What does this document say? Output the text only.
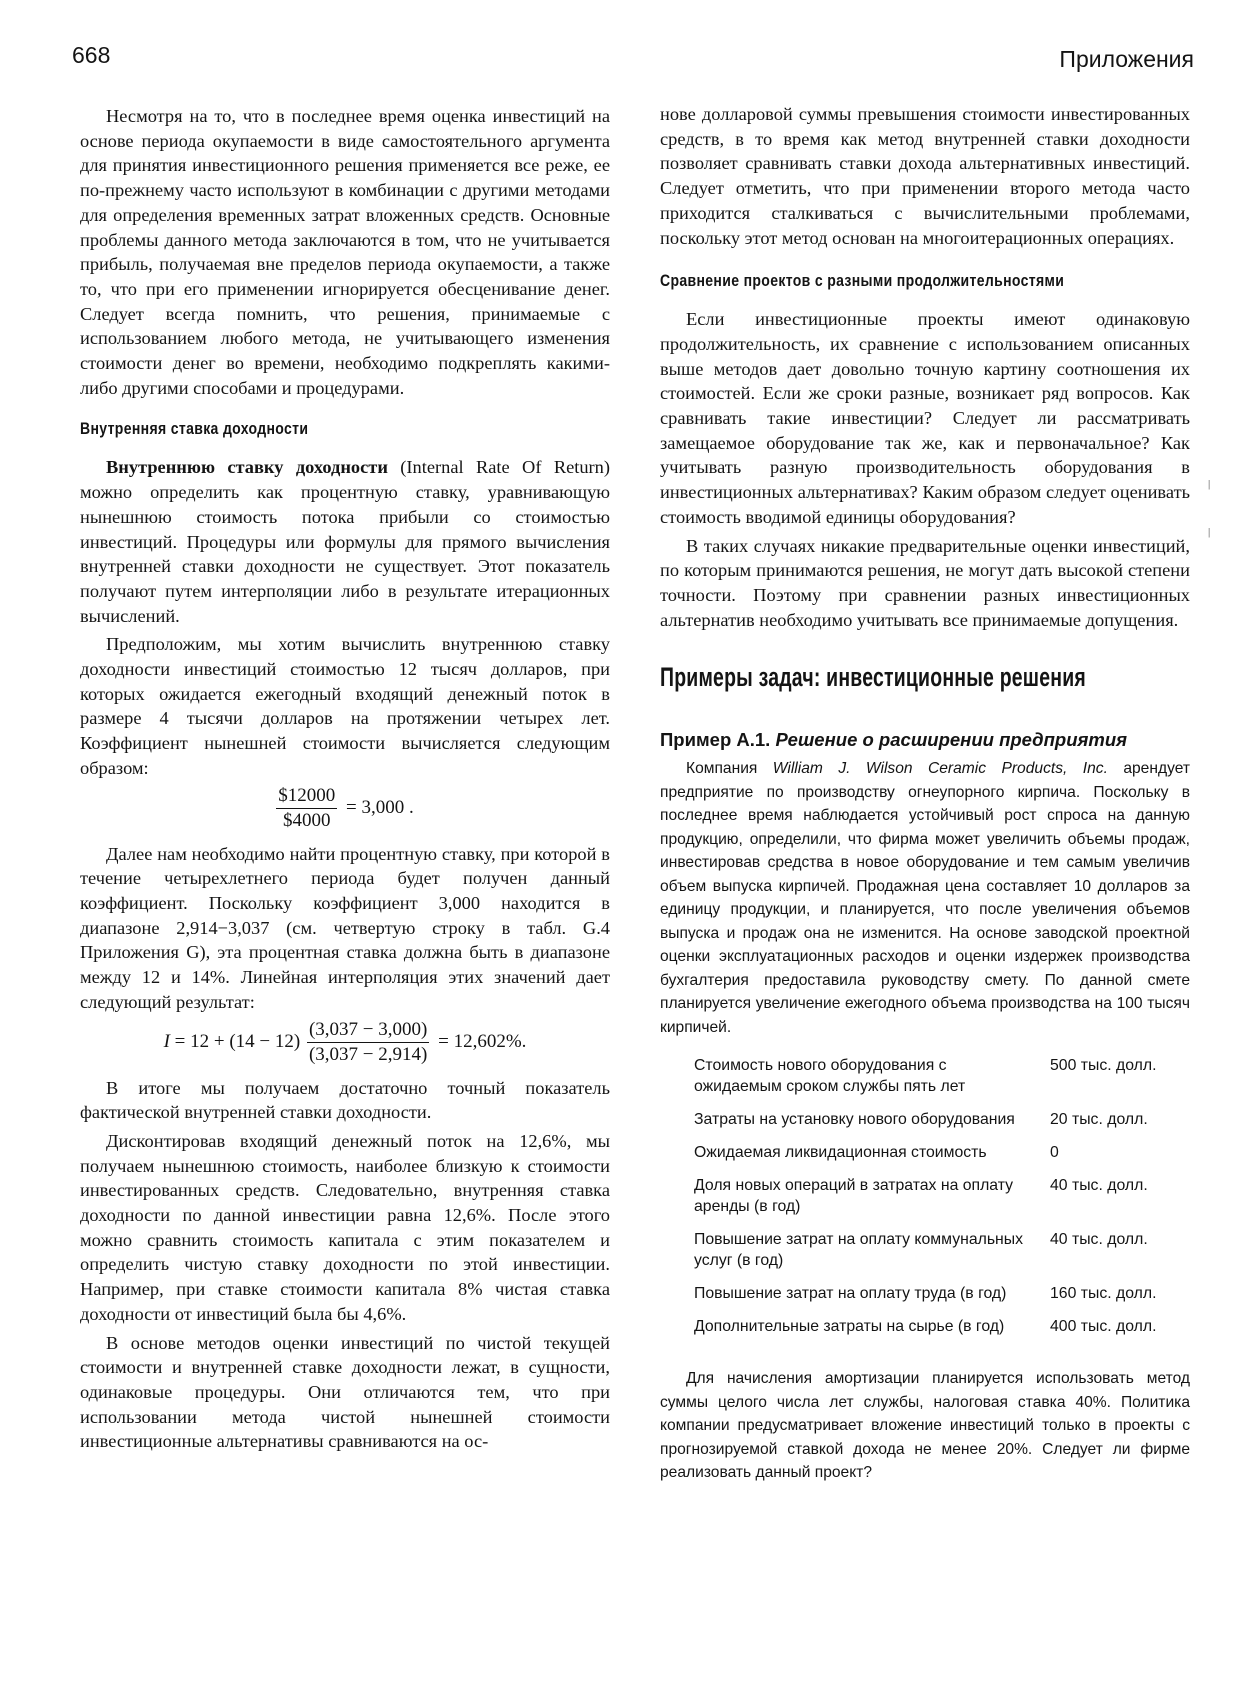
668	Приложения

Несмотря на то, что в последнее время оценка инвестиций на основе периода окупаемости в виде самостоятельного аргумента для принятия инвестиционного решения применяется все реже, ее по-прежнему часто используют в комбинации с другими методами для определения временных затрат вложенных средств. Основные проблемы данного метода заключаются в том, что не учитывается прибыль, получаемая вне пределов периода окупаемости, а также то, что при его применении игнорируется обесценивание денег. Следует всегда помнить, что решения, принимаемые с использованием любого метода, не учитывающего изменения стоимости денег во времени, необходимо подкреплять какими-либо другими способами и процедурами.

Внутренняя ставка доходности

Внутреннюю ставку доходности (Internal Rate Of Return) можно определить как процентную ставку, уравнивающую нынешнюю стоимость потока прибыли со стоимостью инвестиций. Процедуры или формулы для прямого вычисления внутренней ставки доходности не существует. Этот показатель получают путем интерполяции либо в результате итерационных вычислений.

Предположим, мы хотим вычислить внутреннюю ставку доходности инвестиций стоимостью 12 тысяч долларов, при которых ожидается ежегодный входящий денежный поток в размере 4 тысячи долларов на протяжении четырех лет. Коэффициент нынешней стоимости вычисляется следующим образом:

$\frac{\$12000}{\$4000} = 3,000$ .

Далее нам необходимо найти процентную ставку, при которой в течение четырехлетнего периода будет получен данный коэффициент. Поскольку коэффициент 3,000 находится в диапазоне 2,914−3,037 (см. четвертую строку в табл. G.4 Приложения G), эта процентная ставка должна быть в диапазоне между 12 и 14%. Линейная интерполяция этих значений дает следующий результат:

$I = 12 + (14 - 12) \frac{(3,037 - 3,000)}{(3,037 - 2,914)} = 12,602\%$.

В итоге мы получаем достаточно точный показатель фактической внутренней ставки доходности.

Дисконтировав входящий денежный поток на 12,6%, мы получаем нынешнюю стоимость, наиболее близкую к стоимости инвестированных средств. Следовательно, внутренняя ставка доходности по данной инвестиции равна 12,6%. После этого можно сравнить стоимость капитала с этим показателем и определить чистую ставку доходности по этой инвестиции. Например, при ставке стоимости капитала 8% чистая ставка доходности от инвестиций была бы 4,6%.

В основе методов оценки инвестиций по чистой текущей стоимости и внутренней ставке доходности лежат, в сущности, одинаковые процедуры. Они отличаются тем, что при использовании метода чистой нынешней стоимости инвестиционные альтернативы сравниваются на ос-

нове долларовой суммы превышения стоимости инвестированных средств, в то время как метод внутренней ставки доходности позволяет сравнивать ставки дохода альтернативных инвестиций. Следует отметить, что при применении второго метода часто приходится сталкиваться с вычислительными проблемами, поскольку этот метод основан на многоитерационных операциях.

Сравнение проектов с разными продолжительностями

Если инвестиционные проекты имеют одинаковую продолжительность, их сравнение с использованием описанных выше методов дает довольно точную картину соотношения их стоимостей. Если же сроки разные, возникает ряд вопросов. Как сравнивать такие инвестиции? Следует ли рассматривать замещаемое оборудование так же, как и первоначальное? Как учитывать разную производительность оборудования в инвестиционных альтернативах? Каким образом следует оценивать стоимость вводимой единицы оборудования?

В таких случаях никакие предварительные оценки инвестиций, по которым принимаются решения, не могут дать высокой степени точности. Поэтому при сравнении разных инвестиционных альтернатив необходимо учитывать все принимаемые допущения.

Примеры задач: инвестиционные решения
Пример А.1. Решение о расширении предприятия

Компания William J. Wilson Ceramic Products, Inc. арендует предприятие по производству огнеупорного кирпича. Поскольку в последнее время наблюдается устойчивый рост спроса на данную продукцию, определили, что фирма может увеличить объемы продаж, инвестировав средства в новое оборудование и тем самым увеличив объем выпуска кирпичей. Продажная цена составляет 10 долларов за единицу продукции, и планируется, что после увеличения объемов выпуска и продаж она не изменится. На основе заводской проектной оценки эксплуатационных расходов и оценки издержек производства бухгалтерия предоставила руководству смету. По данной смете планируется увеличение ежегодного объема производства на 100 тысяч кирпичей.

Стоимость нового оборудования с ожидаемым сроком службы пять лет	500 тыс. долл.
Затраты на установку нового оборудования	20 тыс. долл.
Ожидаемая ликвидационная стоимость	0
Доля новых операций в затратах на оплату аренды (в год)	40 тыс. долл.
Повышение затрат на оплату коммунальных услуг (в год)	40 тыс. долл.
Повышение затрат на оплату труда (в год)	160 тыс. долл.
Дополнительные затраты на сырье (в год)	400 тыс. долл.

Для начисления амортизации планируется использовать метод суммы целого числа лет службы, налоговая ставка 40%. Политика компании предусматривает вложение инвестиций только в проекты с прогнозируемой ставкой дохода не менее 20%. Следует ли фирме реализовать данный проект?

|
|
